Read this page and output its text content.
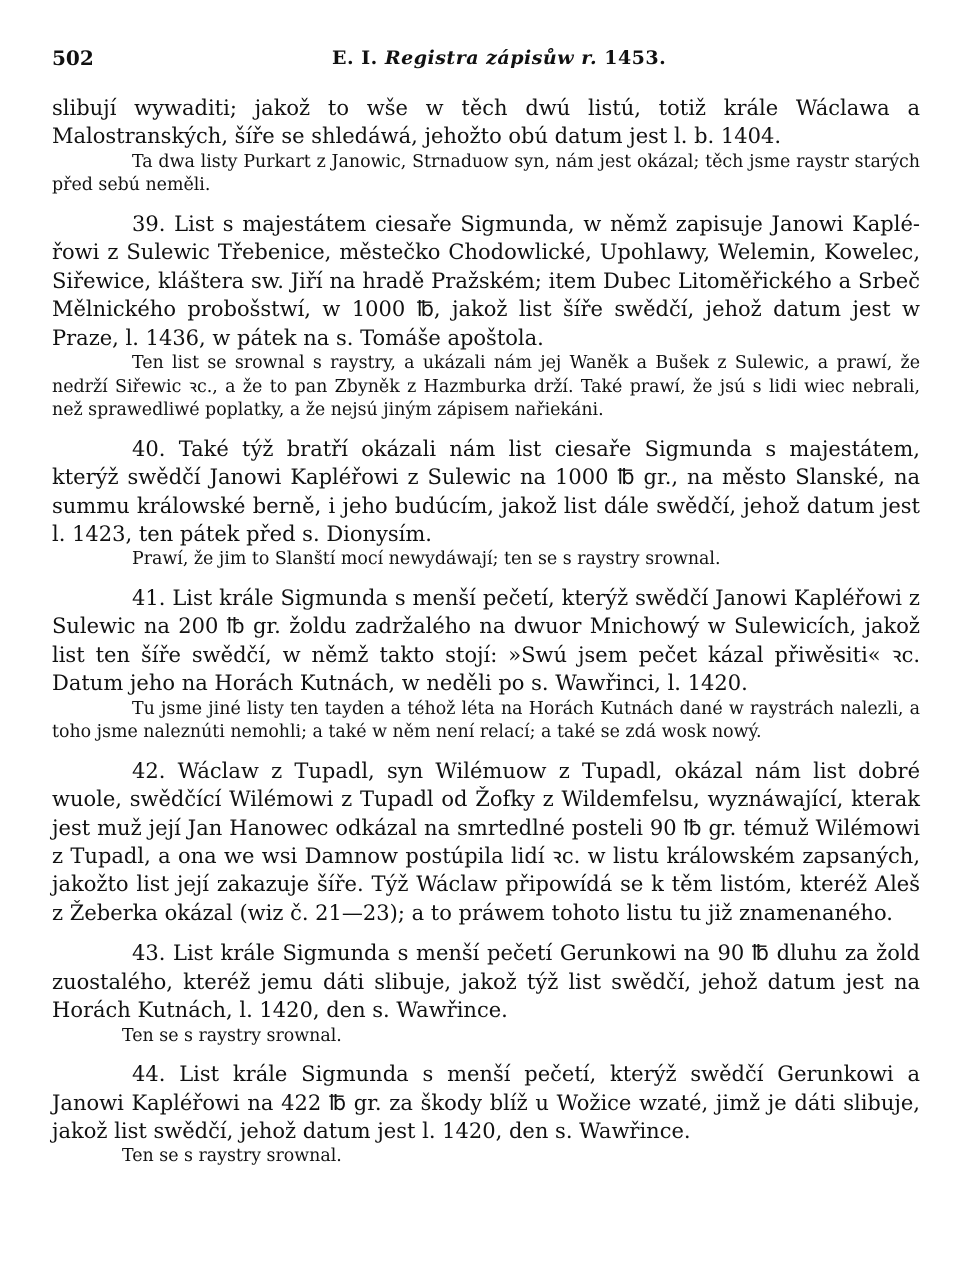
502	E. I. Registra zápisůw r. 1453.

slibují wywaditi; jakož to wše w těch dwú listú, totiž krále Wáclawa a Malostranských, šíře se shledáwá, jehožto obú datum jest l. b. 1404.

Ta dwa listy Purkart z Janowic, Strnaduow syn, nám jest okázal; těch jsme raystr starých před sebú neměli.

39. List s majestátem ciesaře Sigmunda, w němž zapisuje Janowi Kaplé-řowi z Sulewic Třebenice, městečko Chodowlické, Upohlawy, Welemin, Kowelec, Siřewice, kláštera sw. Jiří na hradě Pražském; item Dubec Litoměřického a Srbeč Mělnického probošstwí, w 1000 ℔, jakož list šíře swědčí, jehož datum jest w Praze, l. 1436, w pátek na s. Tomáše apoštola.

Ten list se srownal s raystry, a ukázali nám jej Waněk a Bušek z Sulewic, a prawí, že nedrží Siřewic ꝛc., a že to pan Zbyněk z Hazmburka drží. Také prawí, že jsú s lidi wiec nebrali, než sprawedliwé poplatky, a že nejsú jiným zápisem nařiekáni.

40. Také týž bratří okázali nám list ciesaře Sigmunda s majestátem, kterýž swědčí Janowi Kapléřowi z Sulewic na 1000 ℔ gr., na město Slanské, na summu králowské berně, i jeho budúcím, jakož list dále swědčí, jehož datum jest l. 1423, ten pátek před s. Dionysím.

Prawí, že jim to Slanští mocí newydáwají; ten se s raystry srownal.

41. List krále Sigmunda s menší pečetí, kterýž swědčí Janowi Kapléřowi z Sulewic na 200 ℔ gr. žoldu zadržalého na dwuor Mnichowý w Sulewicích, jakož list ten šíře swědčí, w němž takto stojí: »Swú jsem pečet kázal přiwěsiti« ꝛc. Datum jeho na Horách Kutnách, w neděli po s. Wawřinci, l. 1420.

Tu jsme jiné listy ten tayden a téhož léta na Horách Kutnách dané w raystrách nalezli, a toho jsme naleznúti nemohli; a také w něm není relací; a také se zdá wosk nowý.

42. Wáclaw z Tupadl, syn Wilémuow z Tupadl, okázal nám list dobré wuole, swědčící Wilémowi z Tupadl od Žofky z Wildemfelsu, wyznáwající, kterak jest muž její Jan Hanowec odkázal na smrtedlné posteli 90 ℔ gr. témuž Wilémowi z Tupadl, a ona we wsi Damnow postúpila lidí ꝛc. w listu králowském zapsaných, jakožto list její zakazuje šíře. Týž Wáclaw připowídá se k těm listóm, kteréž Aleš z Žeberka okázal (wiz č. 21—23); a to práwem tohoto listu tu již znamenaného.

43. List krále Sigmunda s menší pečetí Gerunkowi na 90 ℔ dluhu za žold zuostalého, kteréž jemu dáti slibuje, jakož týž list swědčí, jehož datum jest na Horách Kutnách, l. 1420, den s. Wawřince.

Ten se s raystry srownal.

44. List krále Sigmunda s menší pečetí, kterýž swědčí Gerunkowi a Janowi Kapléřowi na 422 ℔ gr. za škody blíž u Wožice wzaté, jimž je dáti slibuje, jakož list swědčí, jehož datum jest l. 1420, den s. Wawřince.

Ten se s raystry srownal.
